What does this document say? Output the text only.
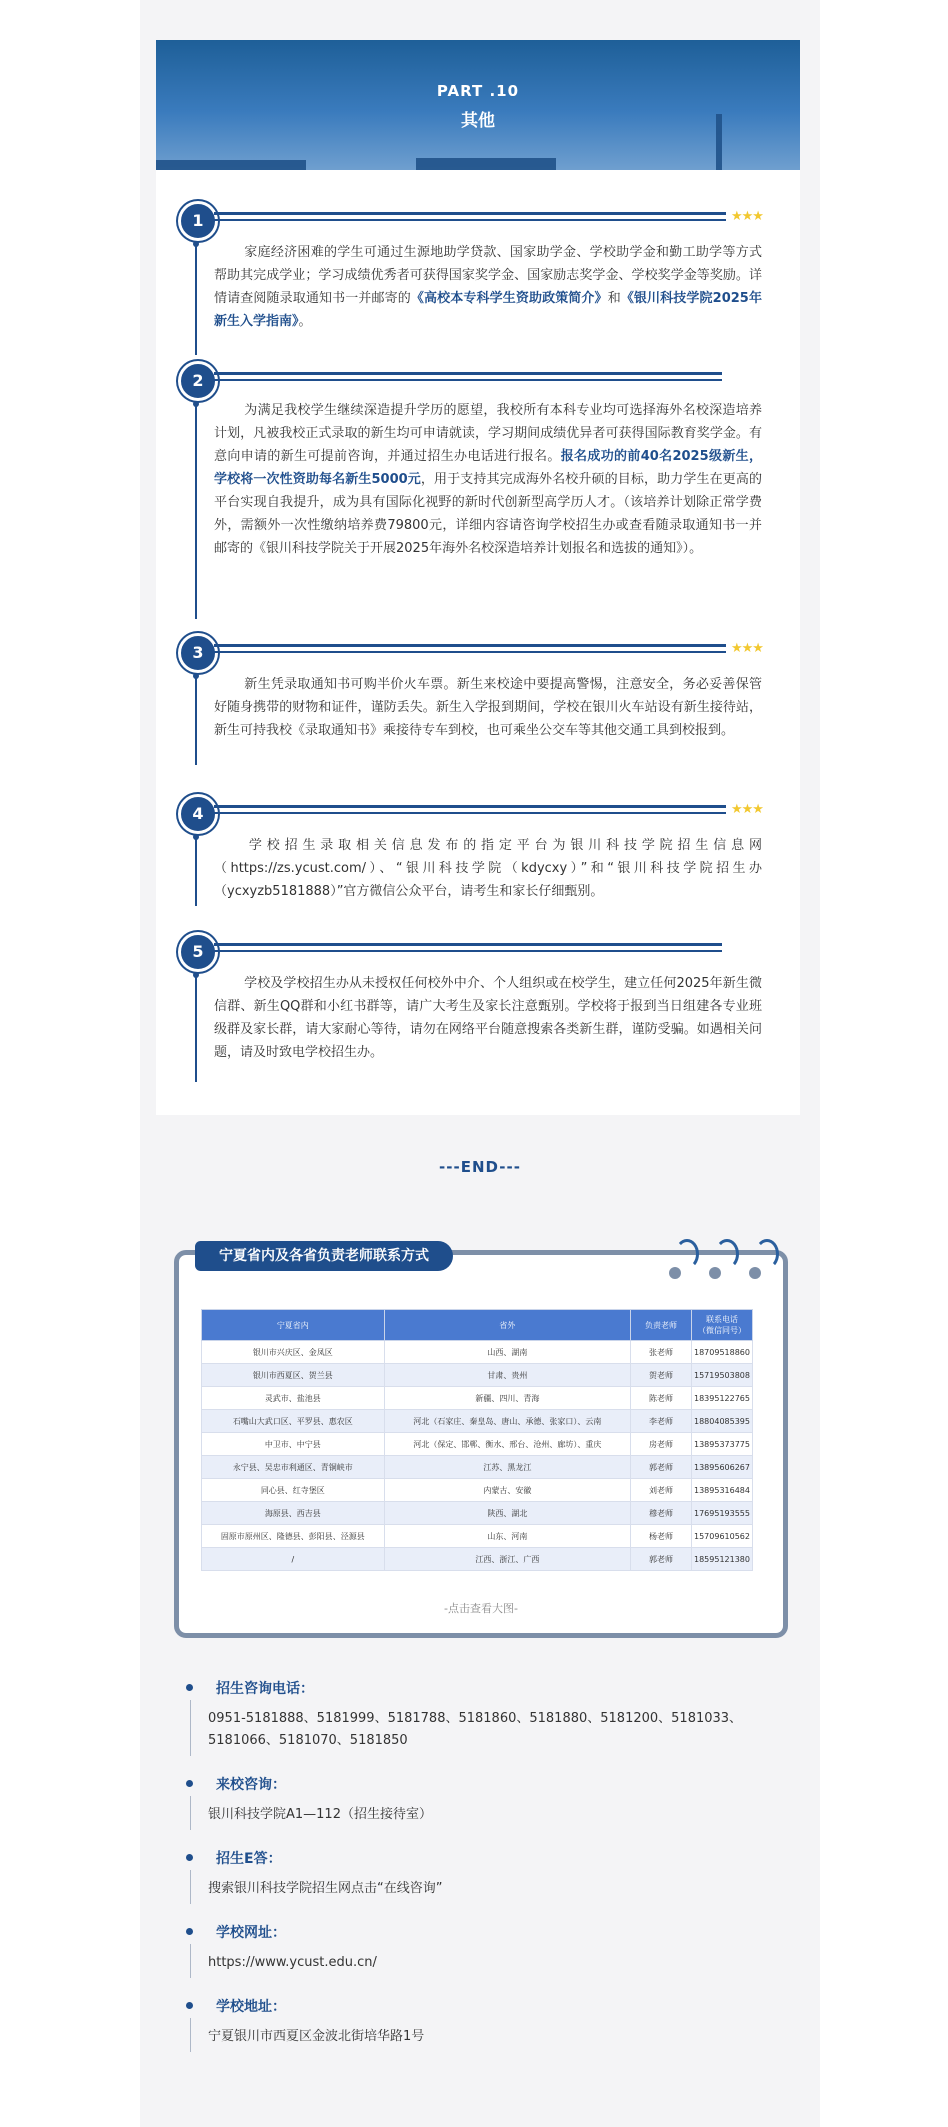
PART .10
其他
1	★★★

家庭经济困难的学生可通过生源地助学贷款、国家助学金、学校助学金和勤工助学等方式帮助其完成学业；学习成绩优秀者可获得国家奖学金、国家励志奖学金、学校奖学金等奖励。详情请查阅随录取通知书一并邮寄的《高校本专科学生资助政策简介》和《银川科技学院2025年新生入学指南》。

2

为满足我校学生继续深造提升学历的愿望，我校所有本科专业均可选择海外名校深造培养计划，凡被我校正式录取的新生均可申请就读，学习期间成绩优异者可获得国际教育奖学金。有意向申请的新生可提前咨询，并通过招生办电话进行报名。报名成功的前40名2025级新生，学校将一次性资助每名新生5000元，用于支持其完成海外名校升硕的目标，助力学生在更高的平台实现自我提升，成为具有国际化视野的新时代创新型高学历人才。（该培养计划除正常学费外，需额外一次性缴纳培养费79800元，详细内容请咨询学校招生办或查看随录取通知书一并邮寄的《银川科技学院关于开展2025年海外名校深造培养计划报名和选拔的通知》）。

3	★★★

新生凭录取通知书可购半价火车票。新生来校途中要提高警惕，注意安全，务必妥善保管好随身携带的财物和证件，谨防丢失。新生入学报到期间，学校在银川火车站设有新生接待站，新生可持我校《录取通知书》乘接待专车到校，也可乘坐公交车等其他交通工具到校报到。

4	★★★

学校招生录取相关信息发布的指定平台为银川科技学院招生信息网（https://zs.ycust.com/）、“银川科技学院（kdycxy）”和“银川科技学院招生办（ycxyzb5181888）”官方微信公众平台，请考生和家长仔细甄别。

5

学校及学校招生办从未授权任何校外中介、个人组织或在校学生，建立任何2025年新生微信群、新生QQ群和小红书群等，请广大考生及家长注意甄别。学校将于报到当日组建各专业班级群及家长群，请大家耐心等待，请勿在网络平台随意搜索各类新生群，谨防受骗。如遇相关问题，请及时致电学校招生办。

---END---
宁夏省内及各省负责老师联系方式
宁夏省内	省外	负责老师	联系电话
（微信同号）
银川市兴庆区、金凤区	山西、湖南	张老师	18709518860
银川市西夏区、贺兰县	甘肃、贵州	贺老师	15719503808
灵武市、盐池县	新疆、四川、青海	陈老师	18395122765
石嘴山大武口区、平罗县、惠农区	河北（石家庄、秦皇岛、唐山、承德、张家口）、云南	李老师	18804085395
中卫市、中宁县	河北（保定、邯郸、衡水、邢台、沧州、廊坊）、重庆	房老师	13895373775
永宁县、吴忠市利通区、青铜峡市	江苏、黑龙江	郭老师	13895606267
同心县、红寺堡区	内蒙古、安徽	刘老师	13895316484
海原县、西吉县	陕西、湖北	穆老师	17695193555
固原市原州区、隆德县、彭阳县、泾源县	山东、河南	杨老师	15709610562
/	江西、浙江、广西	郭老师	18595121380
-点击查看大图-
招生咨询电话：
0951-5181888、5181999、5181788、5181860、5181880、5181200、5181033、5181066、5181070、5181850
来校咨询：
银川科技学院A1—112（招生接待室）
招生E答：
搜索银川科技学院招生网点击“在线咨询”
学校网址：
https://www.ycust.edu.cn/
学校地址：
宁夏银川市西夏区金波北街培华路1号
